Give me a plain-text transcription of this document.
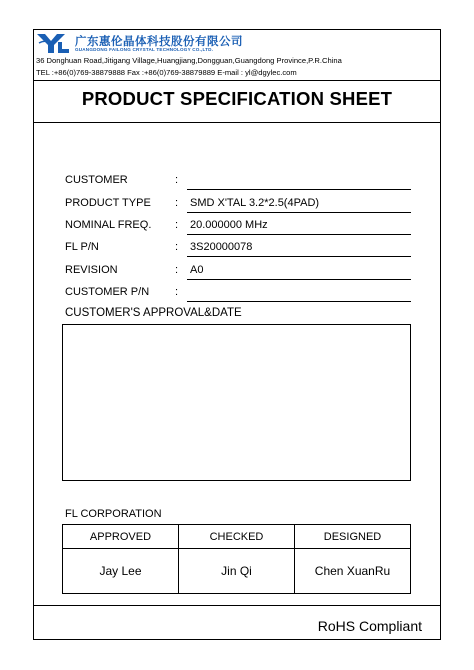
广东惠伦晶体科技股份有限公司
GUANGDONG FAILONG CRYSTAL TECHNOLOGY CO.,LTD.
36 Donghuan Road,Jitigang Village,Huangjiang,Dongguan,Guangdong Province,P.R.China
TEL :+86(0)769-38879888 Fax :+86(0)769-38879889 E-mail : yl@dgylec.com
PRODUCT SPECIFICATION SHEET
CUSTOMER	:
PRODUCT TYPE : SMD X'TAL 3.2*2.5(4PAD)
NOMINAL FREQ. : 20.000000 MHz
FL P/N	: 3S20000078
REVISION	: A0
CUSTOMER P/N :
CUSTOMER'S APPROVAL&DATE
FL CORPORATION
APPROVED	CHECKED	DESIGNED
Jay Lee	Jin Qi	Chen XuanRu
RoHS Compliant
